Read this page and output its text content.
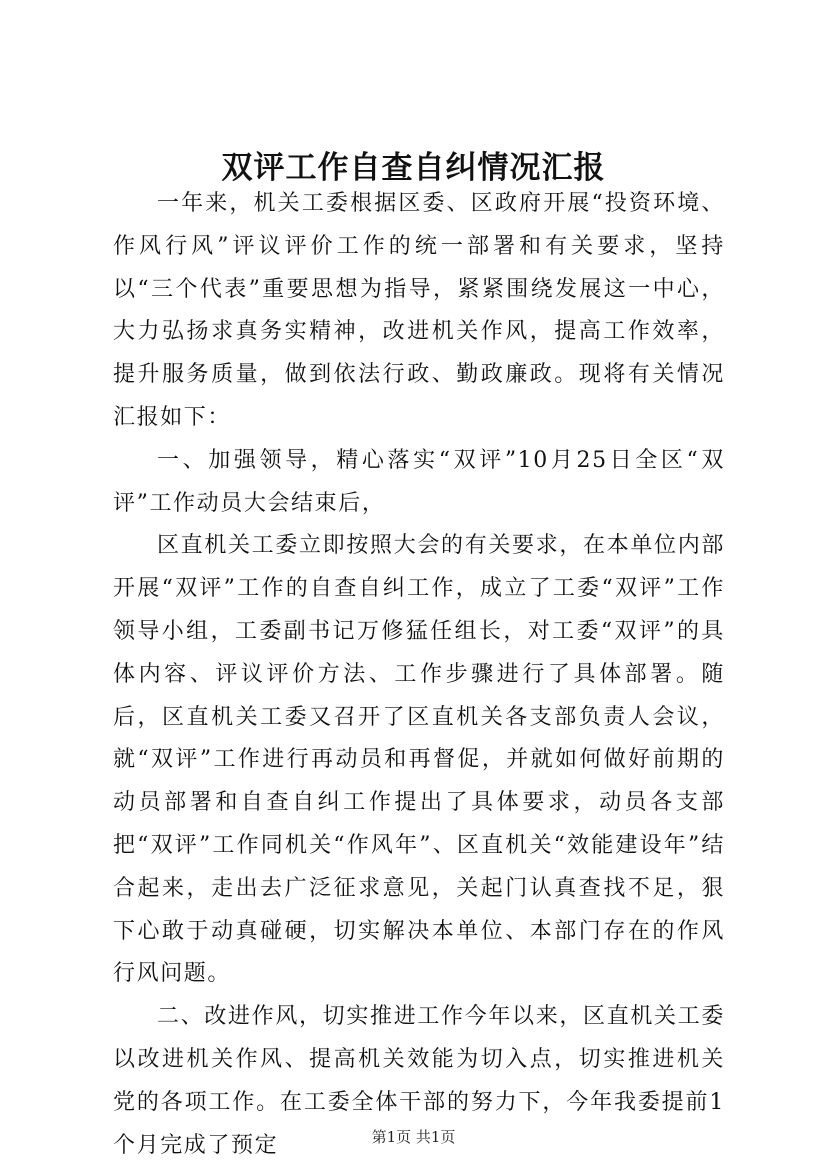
双评工作自查自纠情况汇报

一年来，机关工委根据区委、区政府开展“投资环境、作风行风”评议评价工作的统一部署和有关要求，坚持以“三个代表”重要思想为指导，紧紧围绕发展这一中心，大力弘扬求真务实精神，改进机关作风，提高工作效率，提升服务质量，做到依法行政、勤政廉政。现将有关情况汇报如下：

一、加强领导，精心落实“双评”10月25日全区“双评”工作动员大会结束后，

区直机关工委立即按照大会的有关要求，在本单位内部开展“双评”工作的自查自纠工作，成立了工委“双评”工作领导小组，工委副书记万修猛任组长，对工委“双评”的具体内容、评议评价方法、工作步骤进行了具体部署。随后，区直机关工委又召开了区直机关各支部负责人会议，就“双评”工作进行再动员和再督促，并就如何做好前期的动员部署和自查自纠工作提出了具体要求，动员各支部把“双评”工作同机关“作风年”、区直机关“效能建设年”结合起来，走出去广泛征求意见，关起门认真查找不足，狠下心敢于动真碰硬，切实解决本单位、本部门存在的作风行风问题。

二、改进作风，切实推进工作今年以来，区直机关工委以改进机关作风、提高机关效能为切入点，切实推进机关党的各项工作。在工委全体干部的努力下，今年我委提前1个月完成了预定	第1页 共1页
